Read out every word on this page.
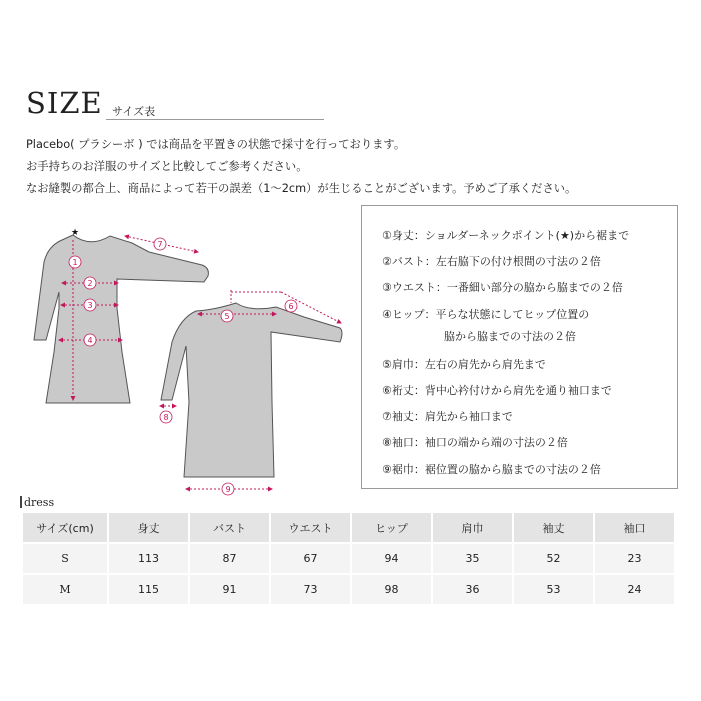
SIZE サイズ表
Placebo( プラシーボ ) では商品を平置きの状態で採寸を行っております。
お手持ちのお洋服のサイズと比較してご参考ください。
なお縫製の都合上、商品によって若干の誤差（1〜2cm）が生じることがございます。予めご了承ください。
★
1
2
3
4
7
5
6
8
9
①身丈：ショルダーネックポイント(★)から裾まで
②バスト：左右脇下の付け根間の寸法の２倍
③ウエスト：一番細い部分の脇から脇までの２倍
④ヒップ：平らな状態にしてヒップ位置の
脇から脇までの寸法の２倍
⑤肩巾：左右の肩先から肩先まで
⑥裄丈：背中心衿付けから肩先を通り袖口まで
⑦袖丈：肩先から袖口まで
⑧袖口：袖口の端から端の寸法の２倍
⑨裾巾：裾位置の脇から脇までの寸法の２倍
dress
サイズ(cm)	身丈	バスト	ウエスト	ヒップ	肩巾	袖丈	袖口
S	113	87	67	94	35	52	23
M	115	91	73	98	36	53	24
